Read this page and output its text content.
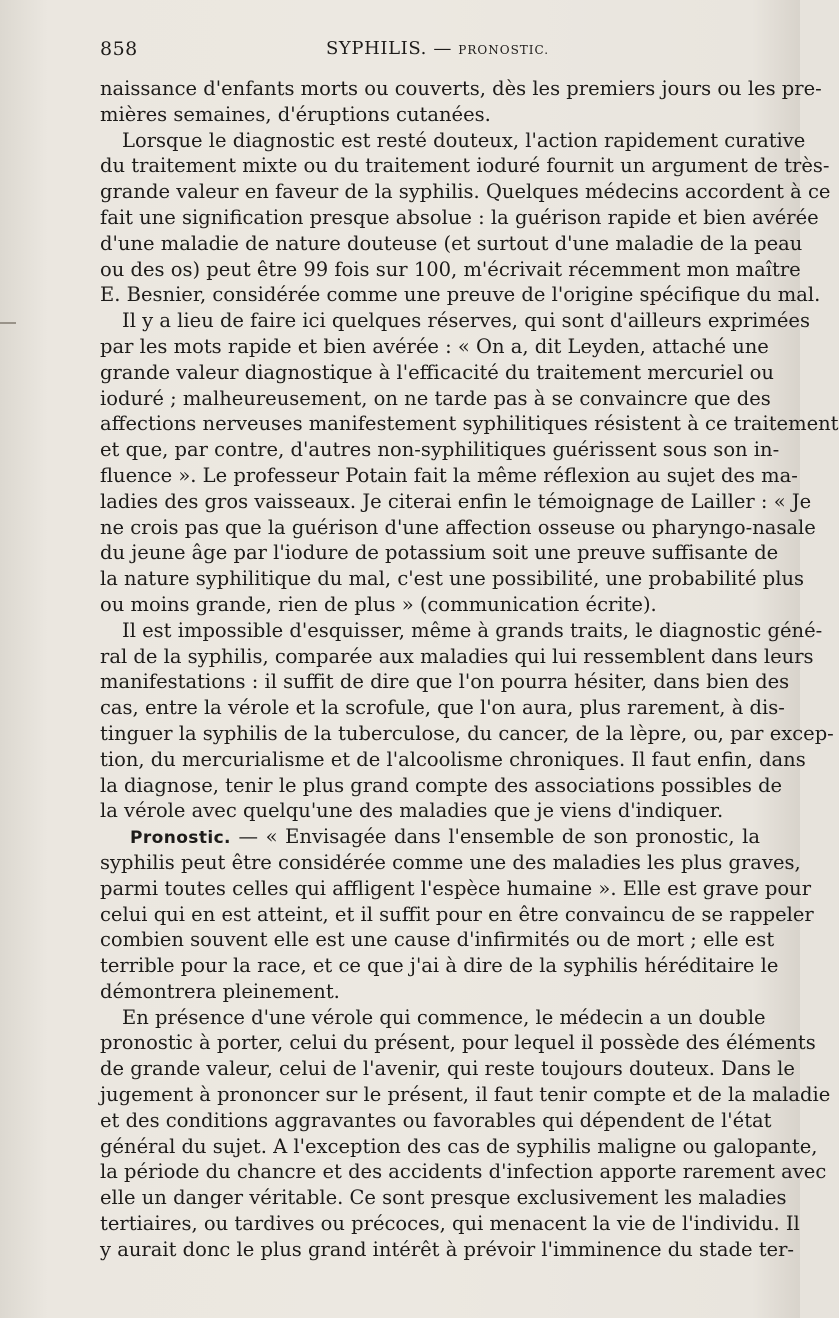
858	SYPHILIS. — PRONOSTIC.
naissance d'enfants morts ou couverts, dès les premiers jours ou les pre-
mières semaines, d'éruptions cutanées.
Lorsque le diagnostic est resté douteux, l'action rapidement curative
du traitement mixte ou du traitement ioduré fournit un argument de très-
grande valeur en faveur de la syphilis. Quelques médecins accordent à ce
fait une signification presque absolue : la guérison rapide et bien avérée
d'une maladie de nature douteuse (et surtout d'une maladie de la peau
ou des os) peut être 99 fois sur 100, m'écrivait récemment mon maître
E. Besnier, considérée comme une preuve de l'origine spécifique du mal.
Il y a lieu de faire ici quelques réserves, qui sont d'ailleurs exprimées
par les mots rapide et bien avérée : « On a, dit Leyden, attaché une
grande valeur diagnostique à l'efficacité du traitement mercuriel ou
ioduré ; malheureusement, on ne tarde pas à se convaincre que des
affections nerveuses manifestement syphilitiques résistent à ce traitement
et que, par contre, d'autres non-syphilitiques guérissent sous son in-
fluence ». Le professeur Potain fait la même réflexion au sujet des ma-
ladies des gros vaisseaux. Je citerai enfin le témoignage de Lailler : « Je
ne crois pas que la guérison d'une affection osseuse ou pharyngo-nasale
du jeune âge par l'iodure de potassium soit une preuve suffisante de
la nature syphilitique du mal, c'est une possibilité, une probabilité plus
ou moins grande, rien de plus » (communication écrite).
Il est impossible d'esquisser, même à grands traits, le diagnostic géné-
ral de la syphilis, comparée aux maladies qui lui ressemblent dans leurs
manifestations : il suffit de dire que l'on pourra hésiter, dans bien des
cas, entre la vérole et la scrofule, que l'on aura, plus rarement, à dis-
tinguer la syphilis de la tuberculose, du cancer, de la lèpre, ou, par excep-
tion, du mercurialisme et de l'alcoolisme chroniques. Il faut enfin, dans
la diagnose, tenir le plus grand compte des associations possibles de
la vérole avec quelqu'une des maladies que je viens d'indiquer.
Pronostic. — « Envisagée dans l'ensemble de son pronostic, la
syphilis peut être considérée comme une des maladies les plus graves,
parmi toutes celles qui affligent l'espèce humaine ». Elle est grave pour
celui qui en est atteint, et il suffit pour en être convaincu de se rappeler
combien souvent elle est une cause d'infirmités ou de mort ; elle est
terrible pour la race, et ce que j'ai à dire de la syphilis héréditaire le
démontrera pleinement.
En présence d'une vérole qui commence, le médecin a un double
pronostic à porter, celui du présent, pour lequel il possède des éléments
de grande valeur, celui de l'avenir, qui reste toujours douteux. Dans le
jugement à prononcer sur le présent, il faut tenir compte et de la maladie
et des conditions aggravantes ou favorables qui dépendent de l'état
général du sujet. A l'exception des cas de syphilis maligne ou galopante,
la période du chancre et des accidents d'infection apporte rarement avec
elle un danger véritable. Ce sont presque exclusivement les maladies
tertiaires, ou tardives ou précoces, qui menacent la vie de l'individu. Il
y aurait donc le plus grand intérêt à prévoir l'imminence du stade ter-
